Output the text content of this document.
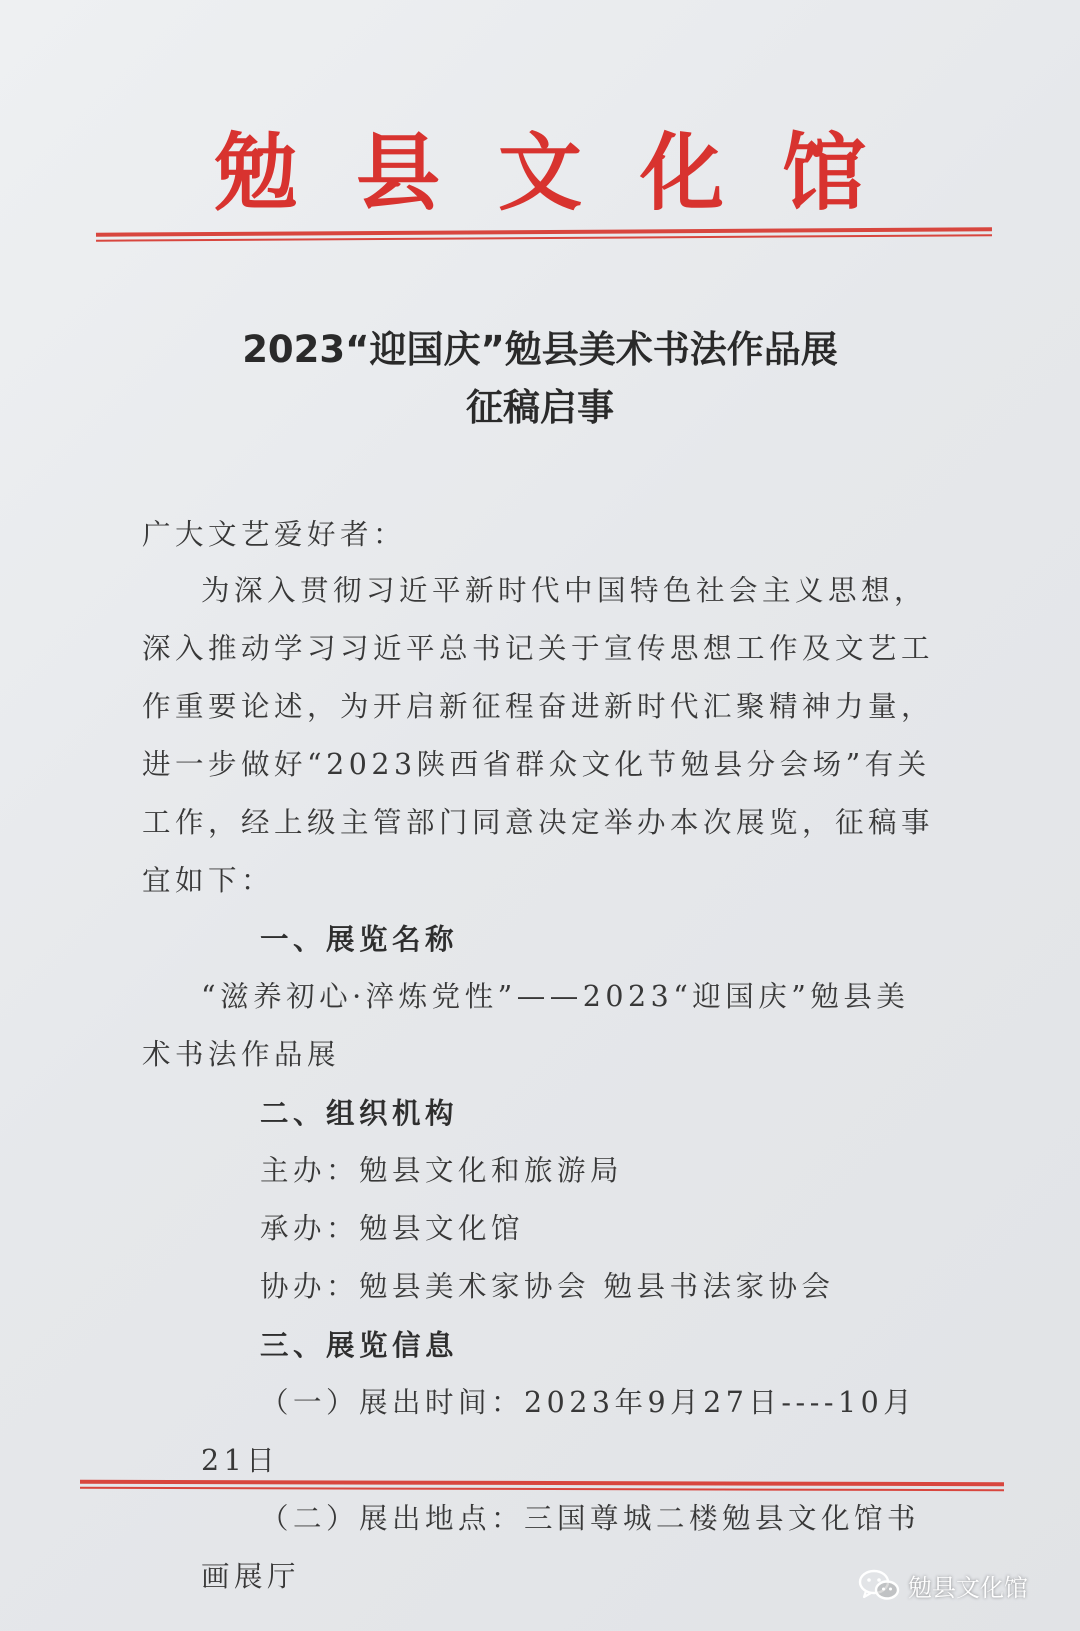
勉县文化馆
2023“迎国庆”勉县美术书法作品展
征稿启事
广大文艺爱好者：

为深入贯彻习近平新时代中国特色社会主义思想，深入推动学习习近平总书记关于宣传思想工作及文艺工作重要论述，为开启新征程奋进新时代汇聚精神力量，进一步做好“2023陕西省群众文化节勉县分会场”有关工作，经上级主管部门同意决定举办本次展览，征稿事宜如下：

一、展览名称

“滋养初心·淬炼党性”——2023“迎国庆”勉县美术书法作品展

二、组织机构

主办：勉县文化和旅游局

承办：勉县文化馆

协办：勉县美术家协会 勉县书法家协会

三、展览信息

（一）展出时间：2023年9月27日----10月21日

（二）展出地点：三国尊城二楼勉县文化馆书画展厅	勉县文化馆
